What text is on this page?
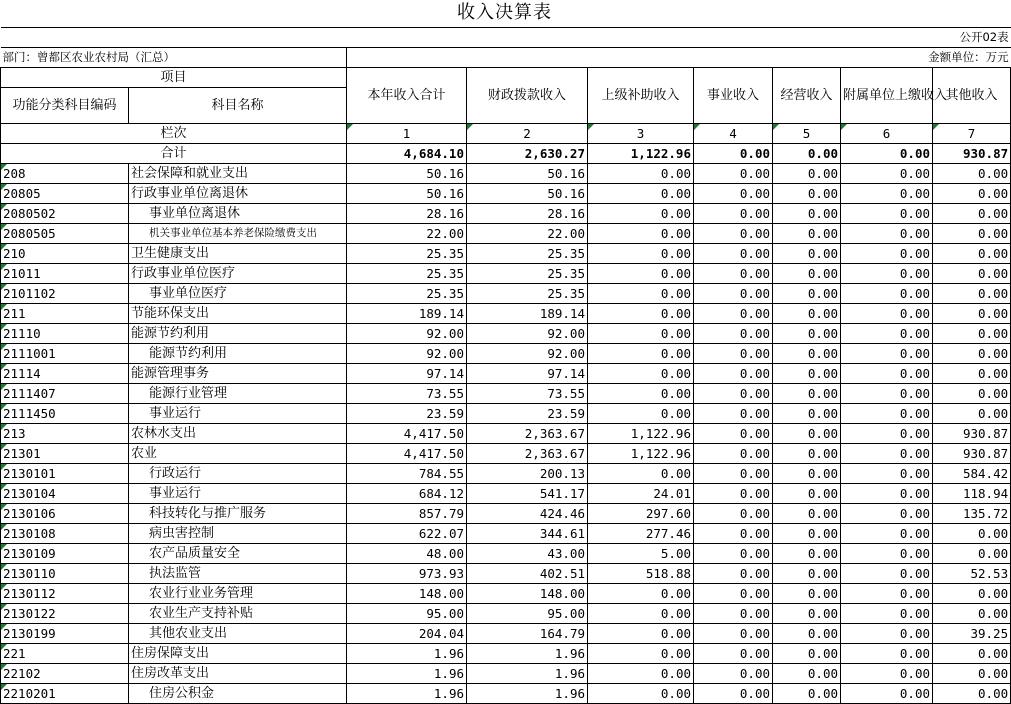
收入决算表
公开02表								
部门：曾都区农业农村局（汇总）		金额单位：万元						
项目		本年收入合计	财政拨款收入	上级补助收入	事业收入	经营收入	附属单位上缴收入	其他收入
功能分类科目编码	科目名称							
栏次		1	2	3	4	5	6	7
合计		4,684.10	2,630.27	1,122.96	0.00	0.00	0.00	930.87
208	社会保障和就业支出	50.16	50.16	0.00	0.00	0.00	0.00	0.00
20805	行政事业单位离退休	50.16	50.16	0.00	0.00	0.00	0.00	0.00
2080502	事业单位离退休	28.16	28.16	0.00	0.00	0.00	0.00	0.00
2080505	机关事业单位基本养老保险缴费支出	22.00	22.00	0.00	0.00	0.00	0.00	0.00
210	卫生健康支出	25.35	25.35	0.00	0.00	0.00	0.00	0.00
21011	行政事业单位医疗	25.35	25.35	0.00	0.00	0.00	0.00	0.00
2101102	事业单位医疗	25.35	25.35	0.00	0.00	0.00	0.00	0.00
211	节能环保支出	189.14	189.14	0.00	0.00	0.00	0.00	0.00
21110	能源节约利用	92.00	92.00	0.00	0.00	0.00	0.00	0.00
2111001	能源节约利用	92.00	92.00	0.00	0.00	0.00	0.00	0.00
21114	能源管理事务	97.14	97.14	0.00	0.00	0.00	0.00	0.00
2111407	能源行业管理	73.55	73.55	0.00	0.00	0.00	0.00	0.00
2111450	事业运行	23.59	23.59	0.00	0.00	0.00	0.00	0.00
213	农林水支出	4,417.50	2,363.67	1,122.96	0.00	0.00	0.00	930.87
21301	农业	4,417.50	2,363.67	1,122.96	0.00	0.00	0.00	930.87
2130101	行政运行	784.55	200.13	0.00	0.00	0.00	0.00	584.42
2130104	事业运行	684.12	541.17	24.01	0.00	0.00	0.00	118.94
2130106	科技转化与推广服务	857.79	424.46	297.60	0.00	0.00	0.00	135.72
2130108	病虫害控制	622.07	344.61	277.46	0.00	0.00	0.00	0.00
2130109	农产品质量安全	48.00	43.00	5.00	0.00	0.00	0.00	0.00
2130110	执法监管	973.93	402.51	518.88	0.00	0.00	0.00	52.53
2130112	农业行业业务管理	148.00	148.00	0.00	0.00	0.00	0.00	0.00
2130122	农业生产支持补贴	95.00	95.00	0.00	0.00	0.00	0.00	0.00
2130199	其他农业支出	204.04	164.79	0.00	0.00	0.00	0.00	39.25
221	住房保障支出	1.96	1.96	0.00	0.00	0.00	0.00	0.00
22102	住房改革支出	1.96	1.96	0.00	0.00	0.00	0.00	0.00
2210201	住房公积金	1.96	1.96	0.00	0.00	0.00	0.00	0.00
